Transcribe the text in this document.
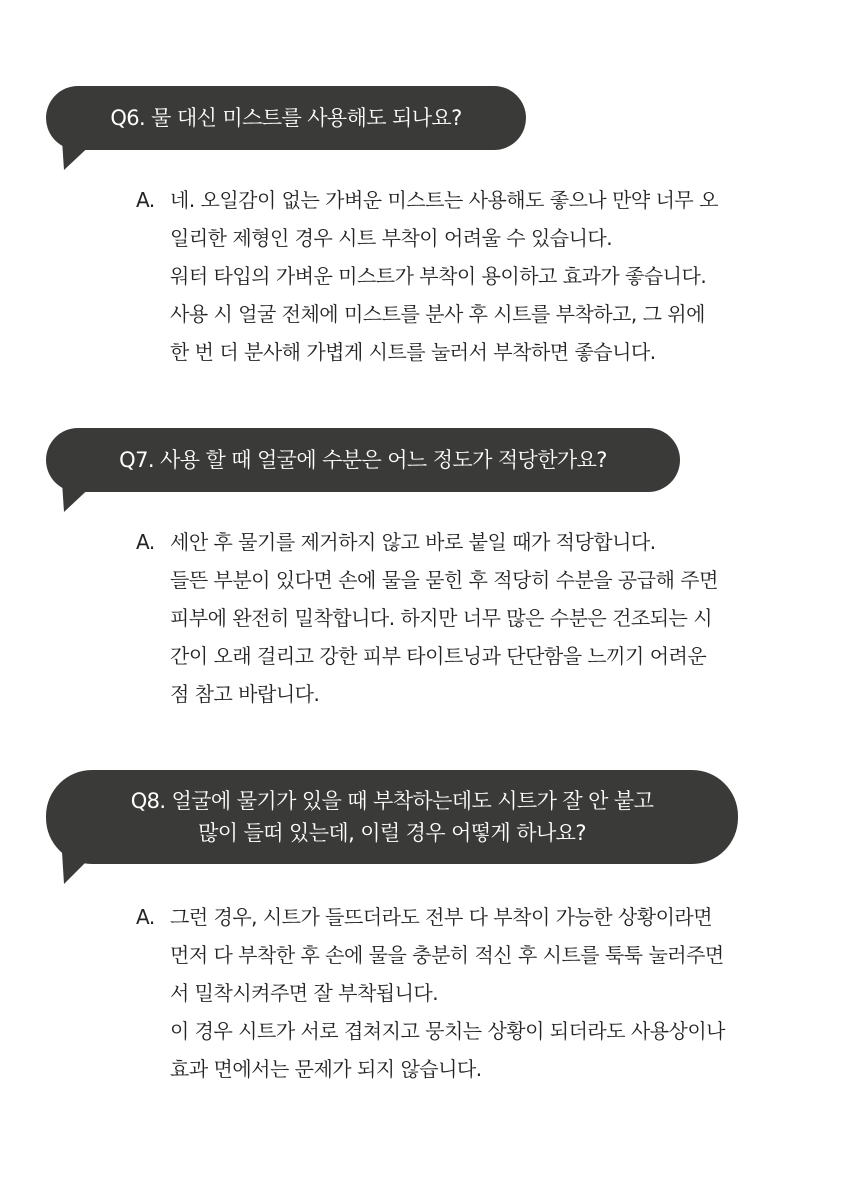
Q6. 물 대신 미스트를 사용해도 되나요?
A. 네. 오일감이 없는 가벼운 미스트는 사용해도 좋으나 만약 너무 오
일리한 제형인 경우 시트 부착이 어려울 수 있습니다.
워터 타입의 가벼운 미스트가 부착이 용이하고 효과가 좋습니다.
사용 시 얼굴 전체에 미스트를 분사 후 시트를 부착하고, 그 위에
한 번 더 분사해 가볍게 시트를 눌러서 부착하면 좋습니다.
Q7. 사용 할 때 얼굴에 수분은 어느 정도가 적당한가요?
A. 세안 후 물기를 제거하지 않고 바로 붙일 때가 적당합니다.
들뜬 부분이 있다면 손에 물을 묻힌 후 적당히 수분을 공급해 주면
피부에 완전히 밀착합니다. 하지만 너무 많은 수분은 건조되는 시
간이 오래 걸리고 강한 피부 타이트닝과 단단함을 느끼기 어려운
점 참고 바랍니다.
Q8. 얼굴에 물기가 있을 때 부착하는데도 시트가 잘 안 붙고
많이 들떠 있는데, 이럴 경우 어떻게 하나요?
A. 그런 경우, 시트가 들뜨더라도 전부 다 부착이 가능한 상황이라면
먼저 다 부착한 후 손에 물을 충분히 적신 후 시트를 툭툭 눌러주면
서 밀착시켜주면 잘 부착됩니다.
이 경우 시트가 서로 겹쳐지고 뭉치는 상황이 되더라도 사용상이나
효과 면에서는 문제가 되지 않습니다.
